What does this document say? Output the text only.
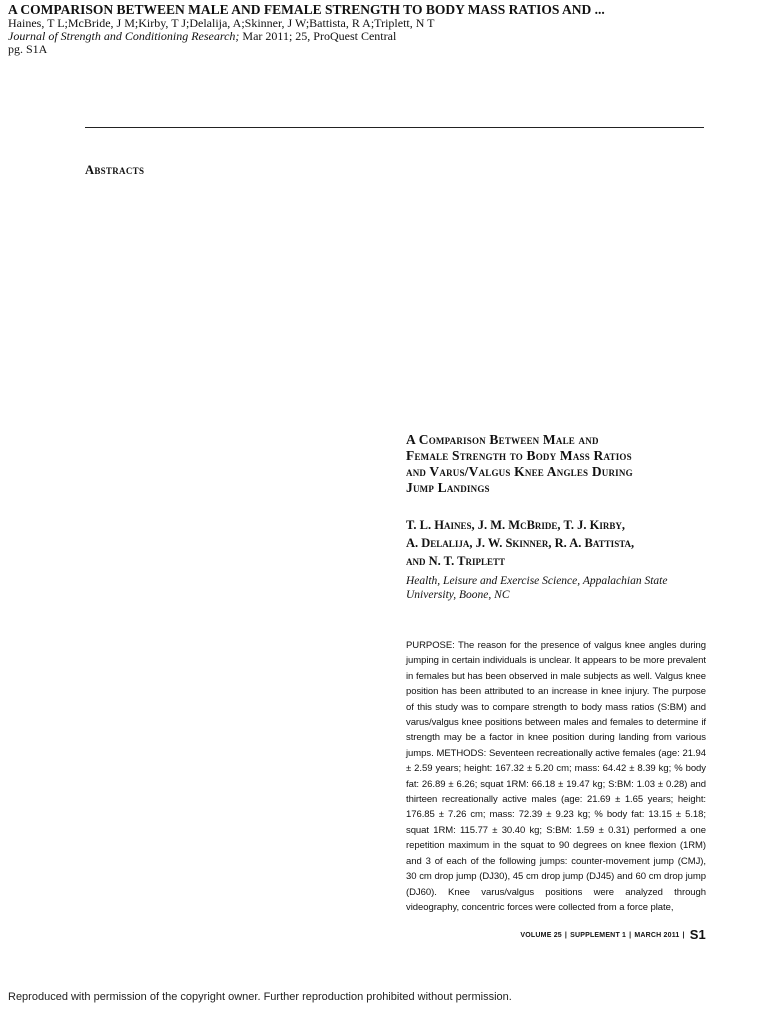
A COMPARISON BETWEEN MALE AND FEMALE STRENGTH TO BODY MASS RATIOS AND ...
Haines, T L;McBride, J M;Kirby, T J;Delalija, A;Skinner, J W;Battista, R A;Triplett, N T
Journal of Strength and Conditioning Research; Mar 2011; 25, ProQuest Central
pg. S1A
Abstracts
A Comparison Between Male and
Female Strength to Body Mass Ratios
and Varus/Valgus Knee Angles During
Jump Landings
T. L. Haines, J. M. McBride, T. J. Kirby,
A. Delalija, J. W. Skinner, R. A. Battista,
and N. T. Triplett
Health, Leisure and Exercise Science, Appalachian State
University, Boone, NC
PURPOSE: The reason for the presence of valgus knee angles during jumping in certain individuals is unclear. It appears to be more prevalent in females but has been observed in male subjects as well. Valgus knee position has been attributed to an increase in knee injury. The purpose of this study was to compare strength to body mass ratios (S:BM) and varus/valgus knee positions between males and females to determine if strength may be a factor in knee position during landing from various jumps. METHODS: Seventeen recreationally active females (age: 21.94 ± 2.59 years; height: 167.32 ± 5.20 cm; mass: 64.42 ± 8.39 kg; % body fat: 26.89 ± 6.26; squat 1RM: 66.18 ± 19.47 kg; S:BM: 1.03 ± 0.28) and thirteen recreationally active males (age: 21.69 ± 1.65 years; height: 176.85 ± 7.26 cm; mass: 72.39 ± 9.23 kg; % body fat: 13.15 ± 5.18; squat 1RM: 115.77 ± 30.40 kg; S:BM: 1.59 ± 0.31) performed a one repetition maximum in the squat to 90 degrees on knee flexion (1RM) and 3 of each of the following jumps: counter-movement jump (CMJ), 30 cm drop jump (DJ30), 45 cm drop jump (DJ45) and 60 cm drop jump (DJ60). Knee varus/valgus positions were analyzed through videography, concentric forces were collected from a force plate,
VOLUME 25 | SUPPLEMENT 1 | MARCH 2011 | S1
Reproduced with permission of the copyright owner. Further reproduction prohibited without permission.
